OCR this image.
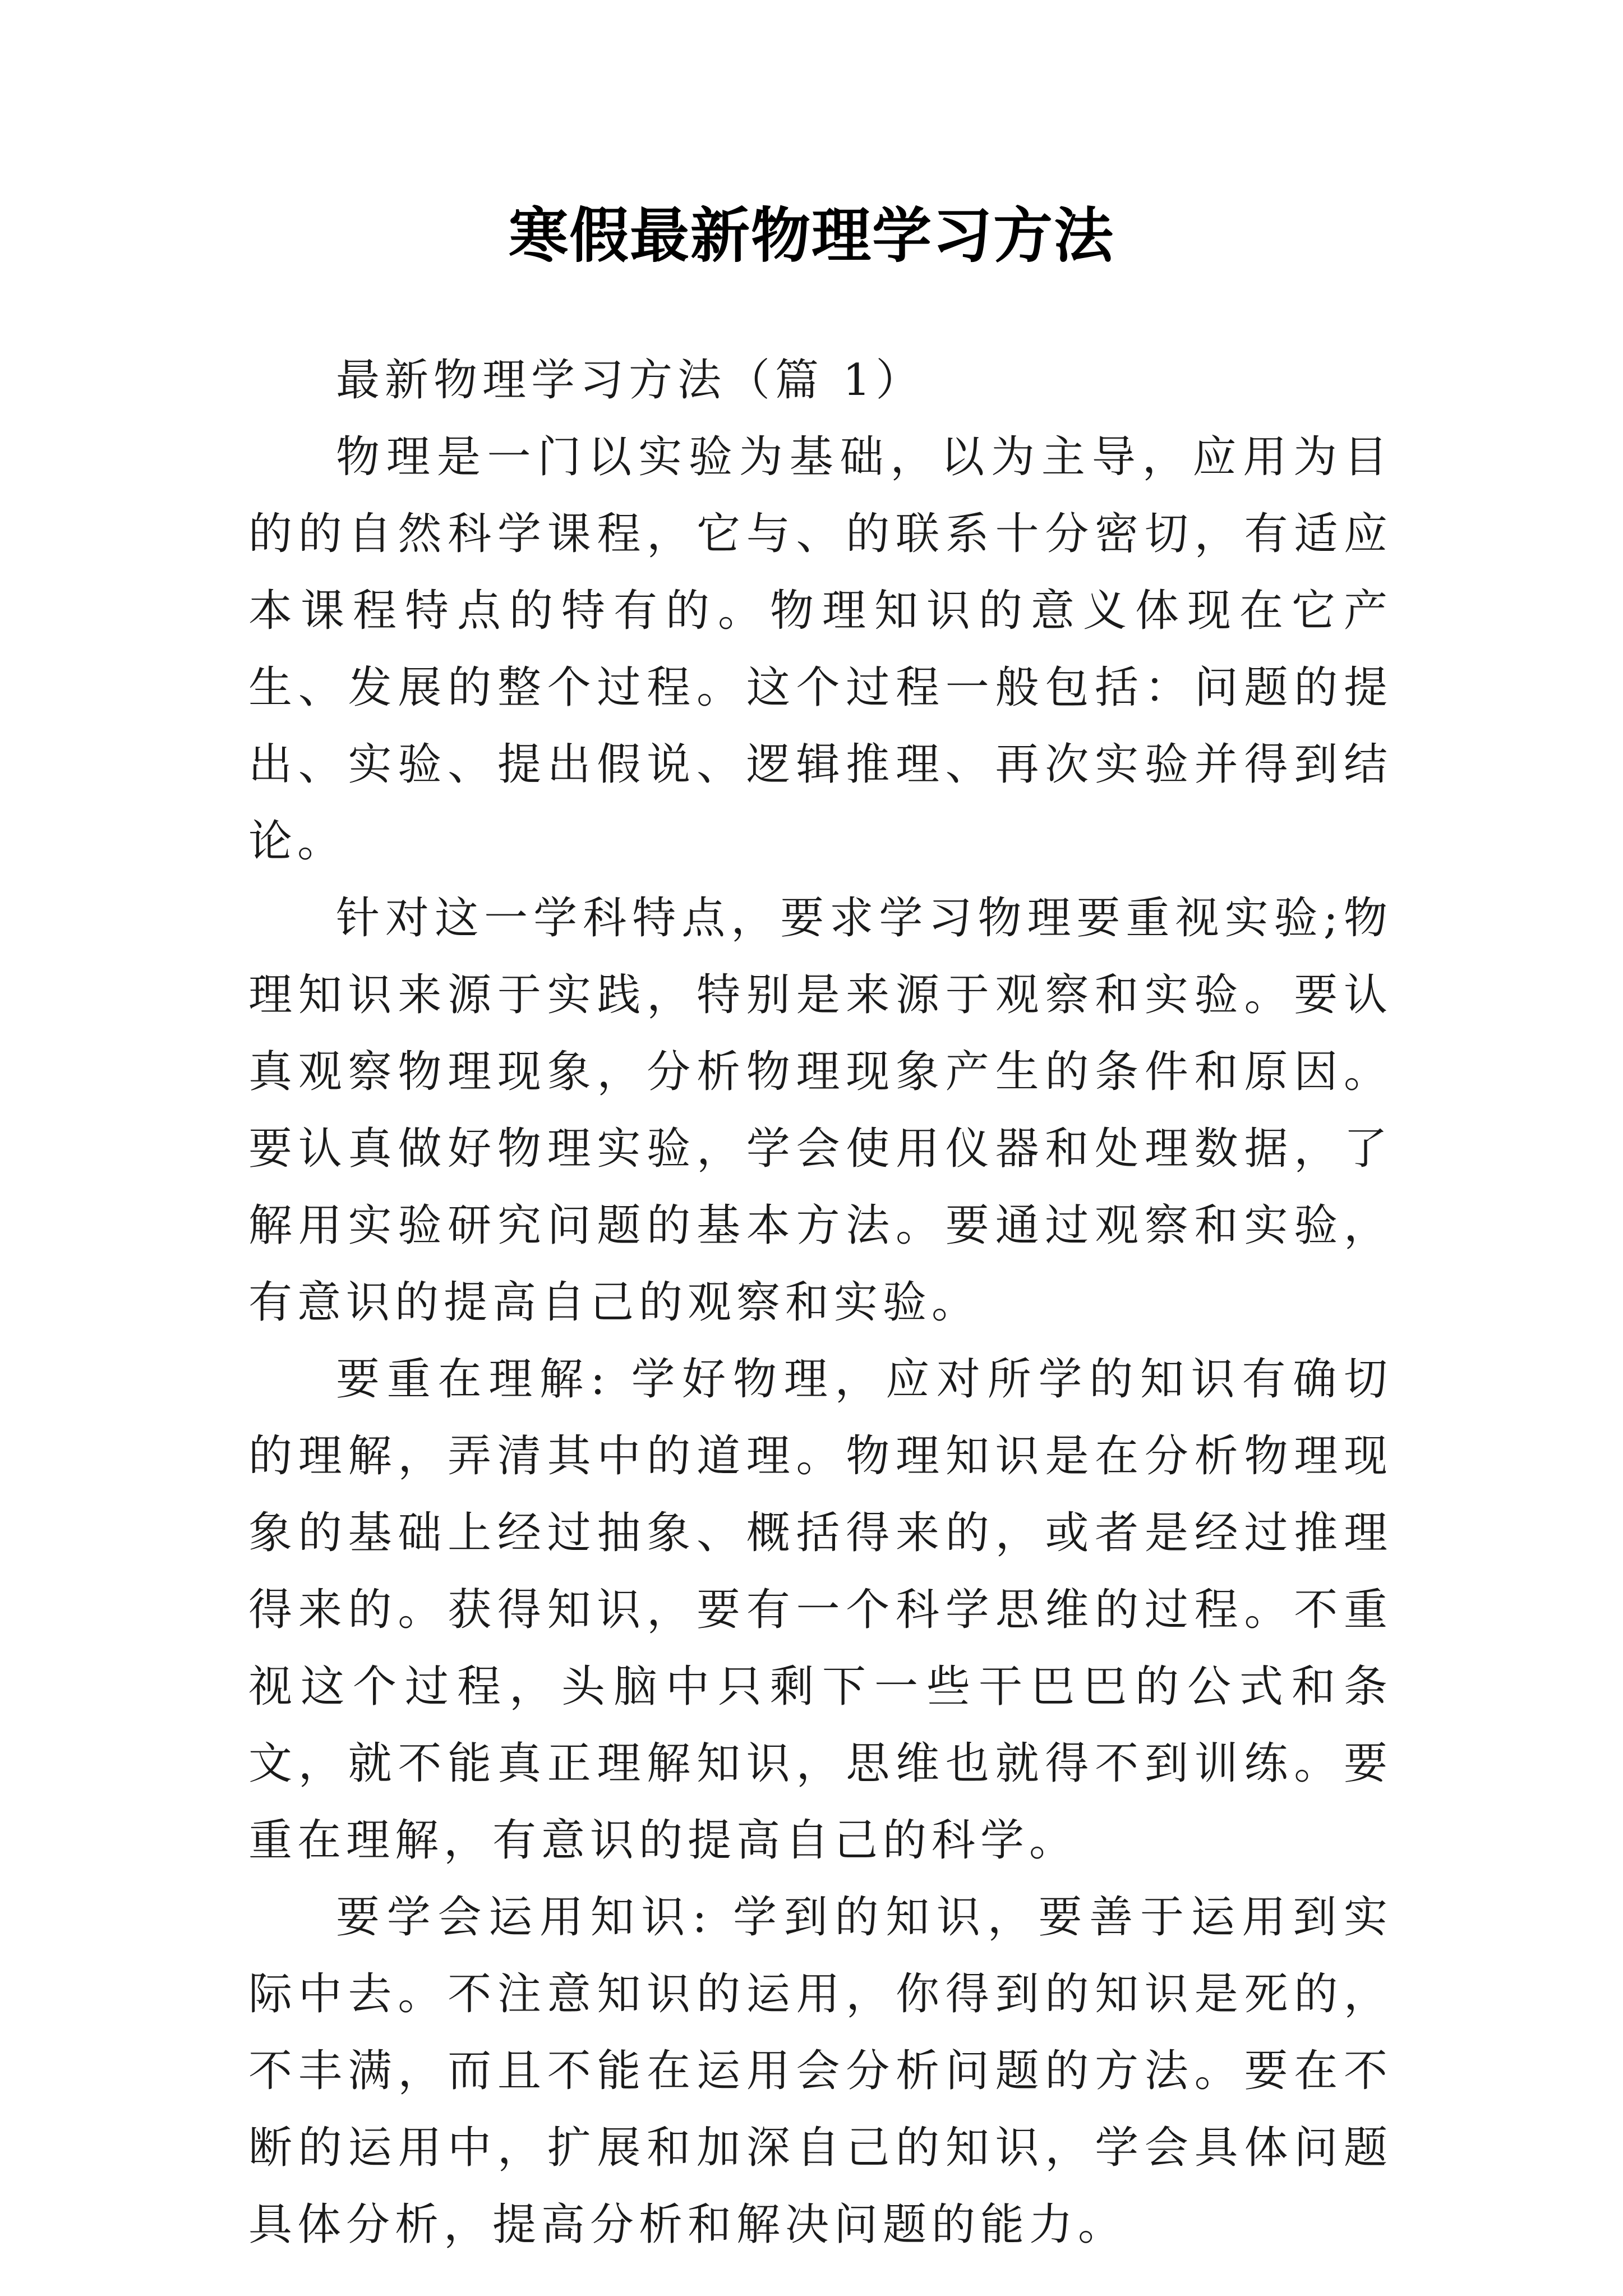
寒假最新物理学习方法

最新物理学习方法（篇 1）

物理是一门以实验为基础，以为主导，应用为目的的自然科学课程，它与、的联系十分密切，有适应本课程特点的特有的。物理知识的意义体现在它产生、发展的整个过程。这个过程一般包括：问题的提出、实验、提出假说、逻辑推理、再次实验并得到结论。

针对这一学科特点，要求学习物理要重视实验;物理知识来源于实践，特别是来源于观察和实验。要认真观察物理现象，分析物理现象产生的条件和原因。要认真做好物理实验，学会使用仪器和处理数据，了解用实验研究问题的基本方法。要通过观察和实验，有意识的提高自己的观察和实验。

要重在理解: 学好物理，应对所学的知识有确切的理解，弄清其中的道理。物理知识是在分析物理现象的基础上经过抽象、概括得来的，或者是经过推理得来的。获得知识，要有一个科学思维的过程。不重视这个过程，头脑中只剩下一些干巴巴的公式和条文，就不能真正理解知识，思维也就得不到训练。要重在理解，有意识的提高自己的科学。

要学会运用知识: 学到的知识，要善于运用到实际中去。不注意知识的运用，你得到的知识是死的，不丰满，而且不能在运用会分析问题的方法。要在不断的运用中，扩展和加深自己的知识，学会具体问题具体分析，提高分析和解决问题的能力。
